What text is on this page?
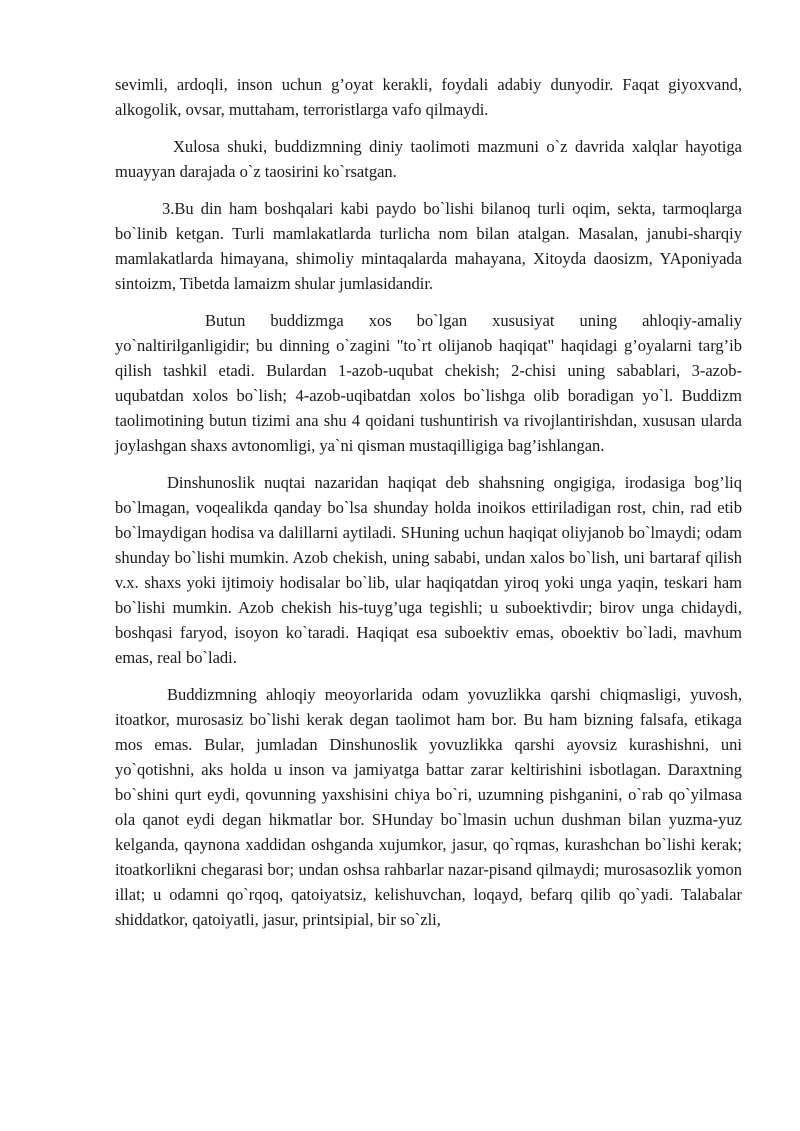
sevimli, ardoqli, inson uchun g’oyat kerakli, foydali adabiy dunyodir. Faqat giyoxvand, alkogolik, ovsar, muttaham, terroristlarga vafo qilmaydi.

Xulosa shuki, buddizmning diniy taolimoti mazmuni o`z davrida xalqlar hayotiga muayyan darajada o`z taosirini ko`rsatgan.

3.Bu din ham boshqalari kabi paydo bo`lishi bilanoq turli oqim, sekta, tarmoqlarga bo`linib ketgan. Turli mamlakatlarda turlicha nom bilan atalgan. Masalan, janubi-sharqiy mamlakatlarda himayana, shimoliy mintaqalarda mahayana, Xitoyda daosizm, YAponiyada sintoizm, Tibetda lamaizm shular jumlasidandir.

Butun buddizmga xos bo`lgan xususiyat uning ahloqiy-amaliy yo`naltirilganligidir; bu dinning o`zagini "to`rt olijanob haqiqat" haqidagi g’oyalarni targ’ib qilish tashkil etadi. Bulardan 1-azob-uqubat chekish; 2-chisi uning sabablari, 3-azob-uqubatdan xolos bo`lish; 4-azob-uqibatdan xolos bo`lishga olib boradigan yo`l. Buddizm taolimotining butun tizimi ana shu 4 qoidani tushuntirish va rivojlantirishdan, xususan ularda joylashgan shaxs avtonomligi, ya`ni qisman mustaqilligiga bag’ishlangan.

Dinshunoslik nuqtai nazaridan haqiqat deb shahsning ongigiga, irodasiga bog’liq bo`lmagan, voqealikda qanday bo`lsa shunday holda inoikos ettiriladigan rost, chin, rad etib bo`lmaydigan hodisa va dalillarni aytiladi. SHuning uchun haqiqat oliyjanob bo`lmaydi; odam shunday bo`lishi mumkin. Azob chekish, uning sababi, undan xalos bo`lish, uni bartaraf qilish v.x. shaxs yoki ijtimoiy hodisalar bo`lib, ular haqiqatdan yiroq yoki unga yaqin, teskari ham bo`lishi mumkin. Azob chekish his-tuyg’uga tegishli; u suboektivdir; birov unga chidaydi, boshqasi faryod, isoyon ko`taradi. Haqiqat esa suboektiv emas, oboektiv bo`ladi, mavhum emas, real bo`ladi.

Buddizmning ahloqiy meoyorlarida odam yovuzlikka qarshi chiqmasligi, yuvosh, itoatkor, murosasiz bo`lishi kerak degan taolimot ham bor. Bu ham bizning falsafa, etikaga mos emas. Bular, jumladan Dinshunoslik yovuzlikka qarshi ayovsiz kurashishni, uni yo`qotishni, aks holda u inson va jamiyatga battar zarar keltirishini isbotlagan. Daraxtning bo`shini qurt eydi, qovunning yaxshisini chiya bo`ri, uzumning pishganini, o`rab qo`yilmasa ola qanot eydi degan hikmatlar bor. SHunday bo`lmasin uchun dushman bilan yuzma-yuz kelganda, qaynona xaddidan oshganda xujumkor, jasur, qo`rqmas, kurashchan bo`lishi kerak; itoatkorlikni chegarasi bor; undan oshsa rahbarlar nazar-pisand qilmaydi; murosasozlik yomon illat; u odamni qo`rqoq, qatoiyatsiz, kelishuvchan, loqayd, befarq qilib qo`yadi. Talabalar shiddatkor, qatoiyatli, jasur, printsipial, bir so`zli,
